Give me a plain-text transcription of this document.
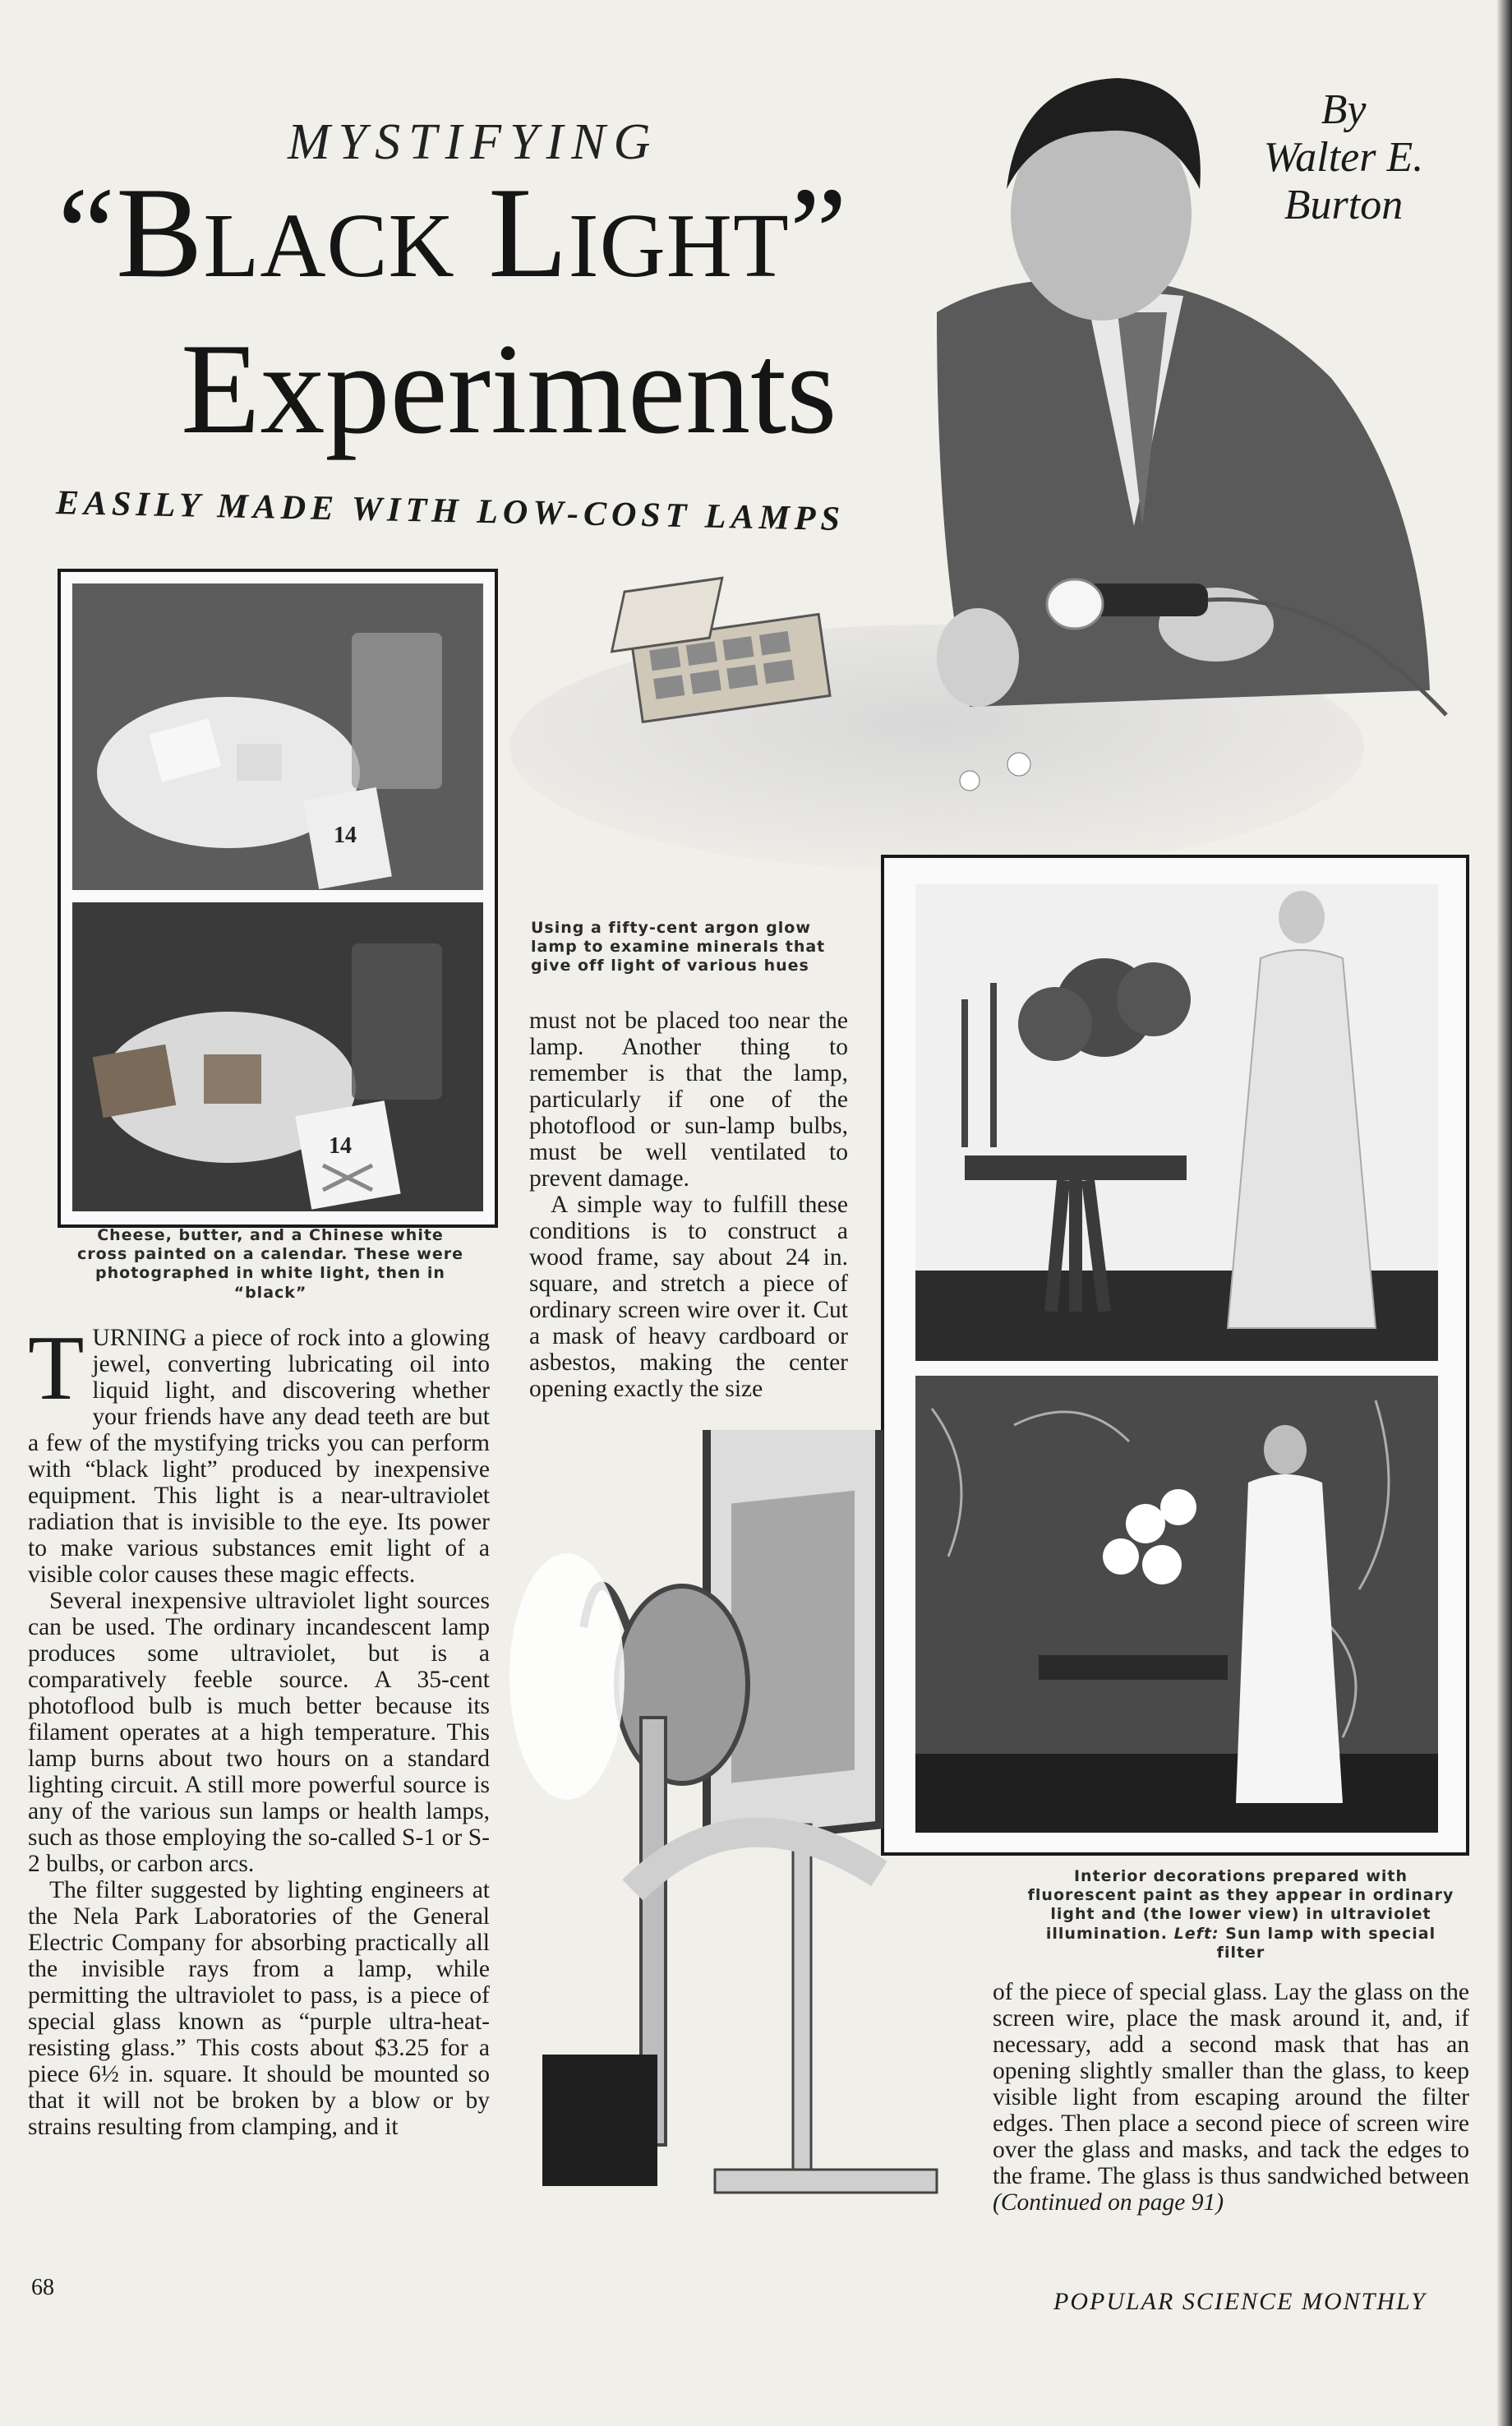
MYSTIFYING
“Black Light”
Experiments
EASILY MADE WITH LOW-COST LAMPS
By
Walter E.
Burton
14
14
Cheese, butter, and a Chinese white cross painted on a calendar. These were photographed in white light, then in “black”
Using a fifty-cent argon glow lamp to examine minerals that give off light of various hues
Interior decorations prepared with fluorescent paint as they appear in ordinary light and (the lower view) in ultraviolet illumination. Left: Sun lamp with special filter

TURNING a piece of rock into a glowing jewel, converting lubricating oil into liquid light, and discovering whether your friends have any dead teeth are but a few of the mystifying tricks you can perform with “black light” produced by inexpensive equipment. This light is a near-ultraviolet radiation that is invisible to the eye. Its power to make various substances emit light of a visible color causes these magic effects.

Several inexpensive ultraviolet light sources can be used. The ordinary incandescent lamp produces some ultraviolet, but is a comparatively feeble source. A 35-cent photoflood bulb is much better because its filament operates at a high temperature. This lamp burns about two hours on a standard lighting circuit. A still more powerful source is any of the various sun lamps or health lamps, such as those employing the so-called S-1 or S-2 bulbs, or carbon arcs.

The filter suggested by lighting engineers at the Nela Park Laboratories of the General Electric Company for absorbing practically all the invisible rays from a lamp, while permitting the ultraviolet to pass, is a piece of special glass known as “purple ultra-heat-resisting glass.” This costs about $3.25 for a piece 6½ in. square. It should be mounted so that it will not be broken by a blow or by strains resulting from clamping, and it

must not be placed too near the lamp. Another thing to remember is that the lamp, particularly if one of the photoflood or sun-lamp bulbs, must be well ventilated to prevent damage.

A simple way to fulfill these conditions is to construct a wood frame, say about 24 in. square, and stretch a piece of ordinary screen wire over it. Cut a mask of heavy cardboard or asbestos, making the center opening exactly the size

of the piece of special glass. Lay the glass on the screen wire, place the mask around it, and, if necessary, add a second mask that has an opening slightly smaller than the glass, to keep visible light from escaping around the filter edges. Then place a second piece of screen wire over the glass and masks, and tack the edges to the frame. The glass is thus sandwiched between (Continued on page 91)

68
POPULAR SCIENCE MONTHLY
